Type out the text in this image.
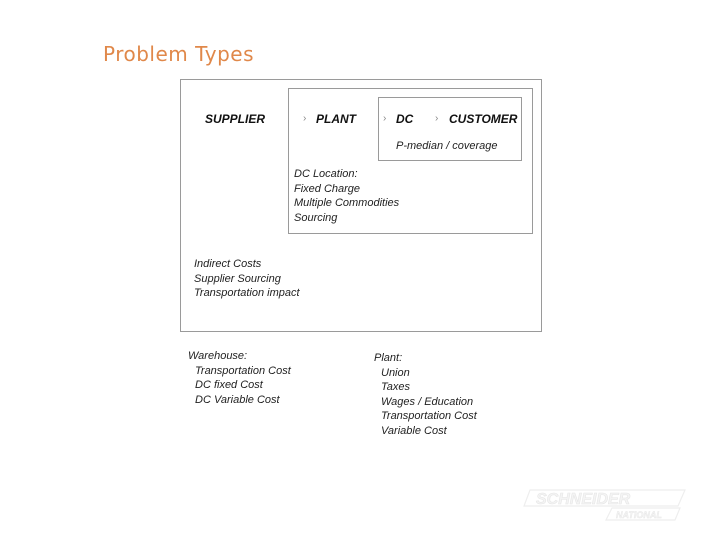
Problem Types
SUPPLIER	› PLANT	› DC › CUSTOMER
P-median / coverage
DC Location:
Fixed Charge
Multiple Commodities
Sourcing
Indirect Costs
Supplier Sourcing
Transportation impact
Warehouse:
Transportation Cost
DC fixed Cost
DC Variable Cost
Plant:
Union
Taxes
Wages / Education
Transportation Cost
Variable Cost
SCHNEIDER
NATIONAL
